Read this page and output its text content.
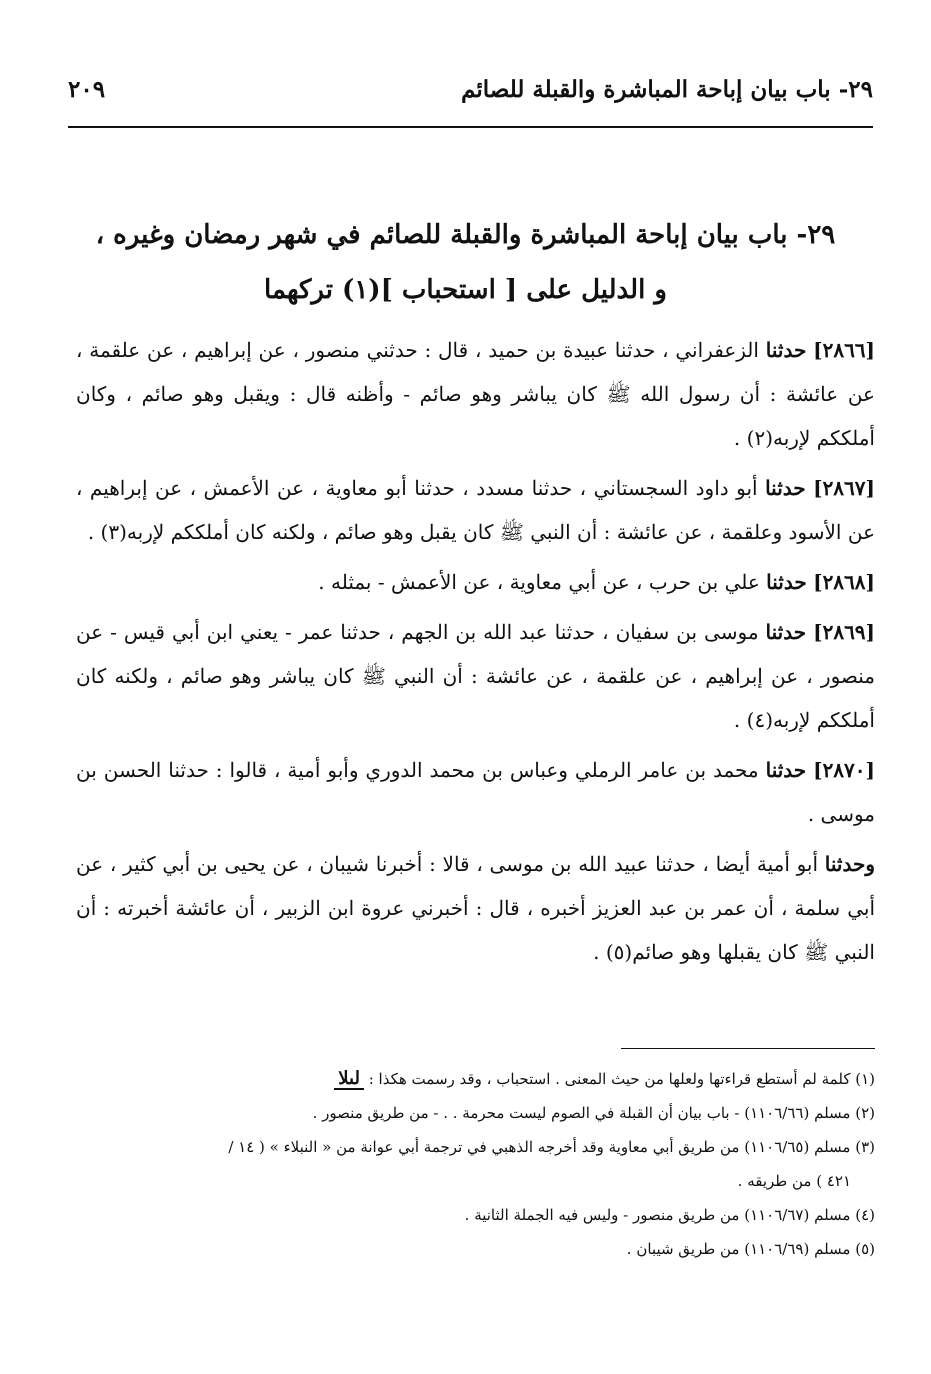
٢٩- باب بيان إباحة المباشرة والقبلة للصائم
٢٠٩
٢٩- باب بيان إباحة المباشرة والقبلة للصائم في شهر رمضان وغيره ،
و الدليل على [ استحباب ](١) تركهما

[٢٨٦٦] حدثنا الزعفراني ، حدثنا عبيدة بن حميد ، قال : حدثني منصور ، عن إبراهيم ، عن علقمة ، عن عائشة : أن رسول الله ﷺ كان يباشر وهو صائم - وأظنه قال : ويقبل وهو صائم ، وكان أملككم لإربه(٢) .

[٢٨٦٧] حدثنا أبو داود السجستاني ، حدثنا مسدد ، حدثنا أبو معاوية ، عن الأعمش ، عن إبراهيم ، عن الأسود وعلقمة ، عن عائشة : أن النبي ﷺ كان يقبل وهو صائم ، ولكنه كان أملككم لإربه(٣) .

[٢٨٦٨] حدثنا علي بن حرب ، عن أبي معاوية ، عن الأعمش - بمثله .

[٢٨٦٩] حدثنا موسى بن سفيان ، حدثنا عبد الله بن الجهم ، حدثنا عمر - يعني ابن أبي قيس - عن منصور ، عن إبراهيم ، عن علقمة ، عن عائشة : أن النبي ﷺ كان يباشر وهو صائم ، ولكنه كان أملككم لإربه(٤) .

[٢٨٧٠] حدثنا محمد بن عامر الرملي وعباس بن محمد الدوري وأبو أمية ، قالوا : حدثنا الحسن بن موسى .

وحدثنا أبو أمية أيضا ، حدثنا عبيد الله بن موسى ، قالا : أخبرنا شيبان ، عن يحيى بن أبي كثير ، عن أبي سلمة ، أن عمر بن عبد العزيز أخبره ، قال : أخبرني عروة ابن الزبير ، أن عائشة أخبرته : أن النبي ﷺ كان يقبلها وهو صائم(٥) .

(١) كلمة لم أستطع قراءتها ولعلها من حيث المعنى . استحباب ، وقد رسمت هكذا : لىلا

(٢) مسلم (١١٠٦/٦٦) - باب بيان أن القبلة في الصوم ليست محرمة . . - من طريق منصور .

(٣) مسلم (١١٠٦/٦٥) من طريق أبي معاوية وقد أخرجه الذهبي في ترجمة أبي عوانة من « النبلاء » ( ١٤ /

٤٢١ ) من طريقه .

(٤) مسلم (١١٠٦/٦٧) من طريق منصور - وليس فيه الجملة الثانية .

(٥) مسلم (١١٠٦/٦٩) من طريق شيبان .
